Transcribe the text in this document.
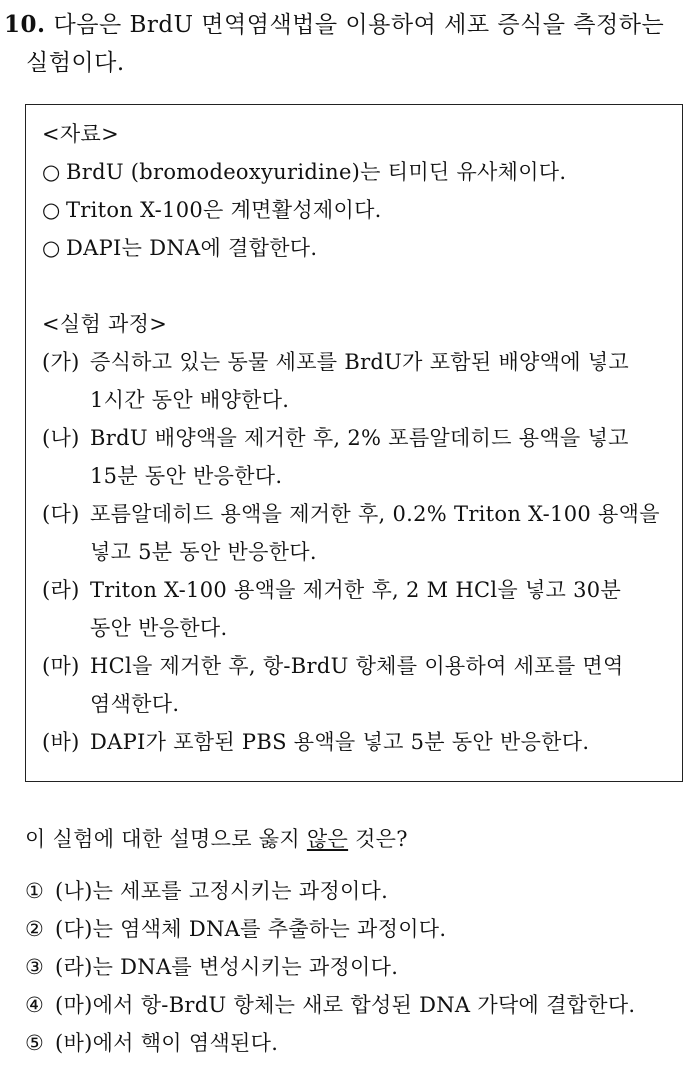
10. 다음은 BrdU 면역염색법을 이용하여 세포 증식을 측정하는
실험이다.
<자료>
○ BrdU (bromodeoxyuridine)는 티미딘 유사체이다.
○ Triton X-100은 계면활성제이다.
○ DAPI는 DNA에 결합한다.
<실험 과정>
(가) 증식하고 있는 동물 세포를 BrdU가 포함된 배양액에 넣고
1시간 동안 배양한다.
(나) BrdU 배양액을 제거한 후, 2% 포름알데히드 용액을 넣고
15분 동안 반응한다.
(다) 포름알데히드 용액을 제거한 후, 0.2% Triton X-100 용액을
넣고 5분 동안 반응한다.
(라) Triton X-100 용액을 제거한 후, 2 M HCl을 넣고 30분
동안 반응한다.
(마) HCl을 제거한 후, 항-BrdU 항체를 이용하여 세포를 면역
염색한다.
(바) DAPI가 포함된 PBS 용액을 넣고 5분 동안 반응한다.
이 실험에 대한 설명으로 옳지 않은 것은?
① (나)는 세포를 고정시키는 과정이다.
② (다)는 염색체 DNA를 추출하는 과정이다.
③ (라)는 DNA를 변성시키는 과정이다.
④ (마)에서 항-BrdU 항체는 새로 합성된 DNA 가닥에 결합한다.
⑤ (바)에서 핵이 염색된다.
